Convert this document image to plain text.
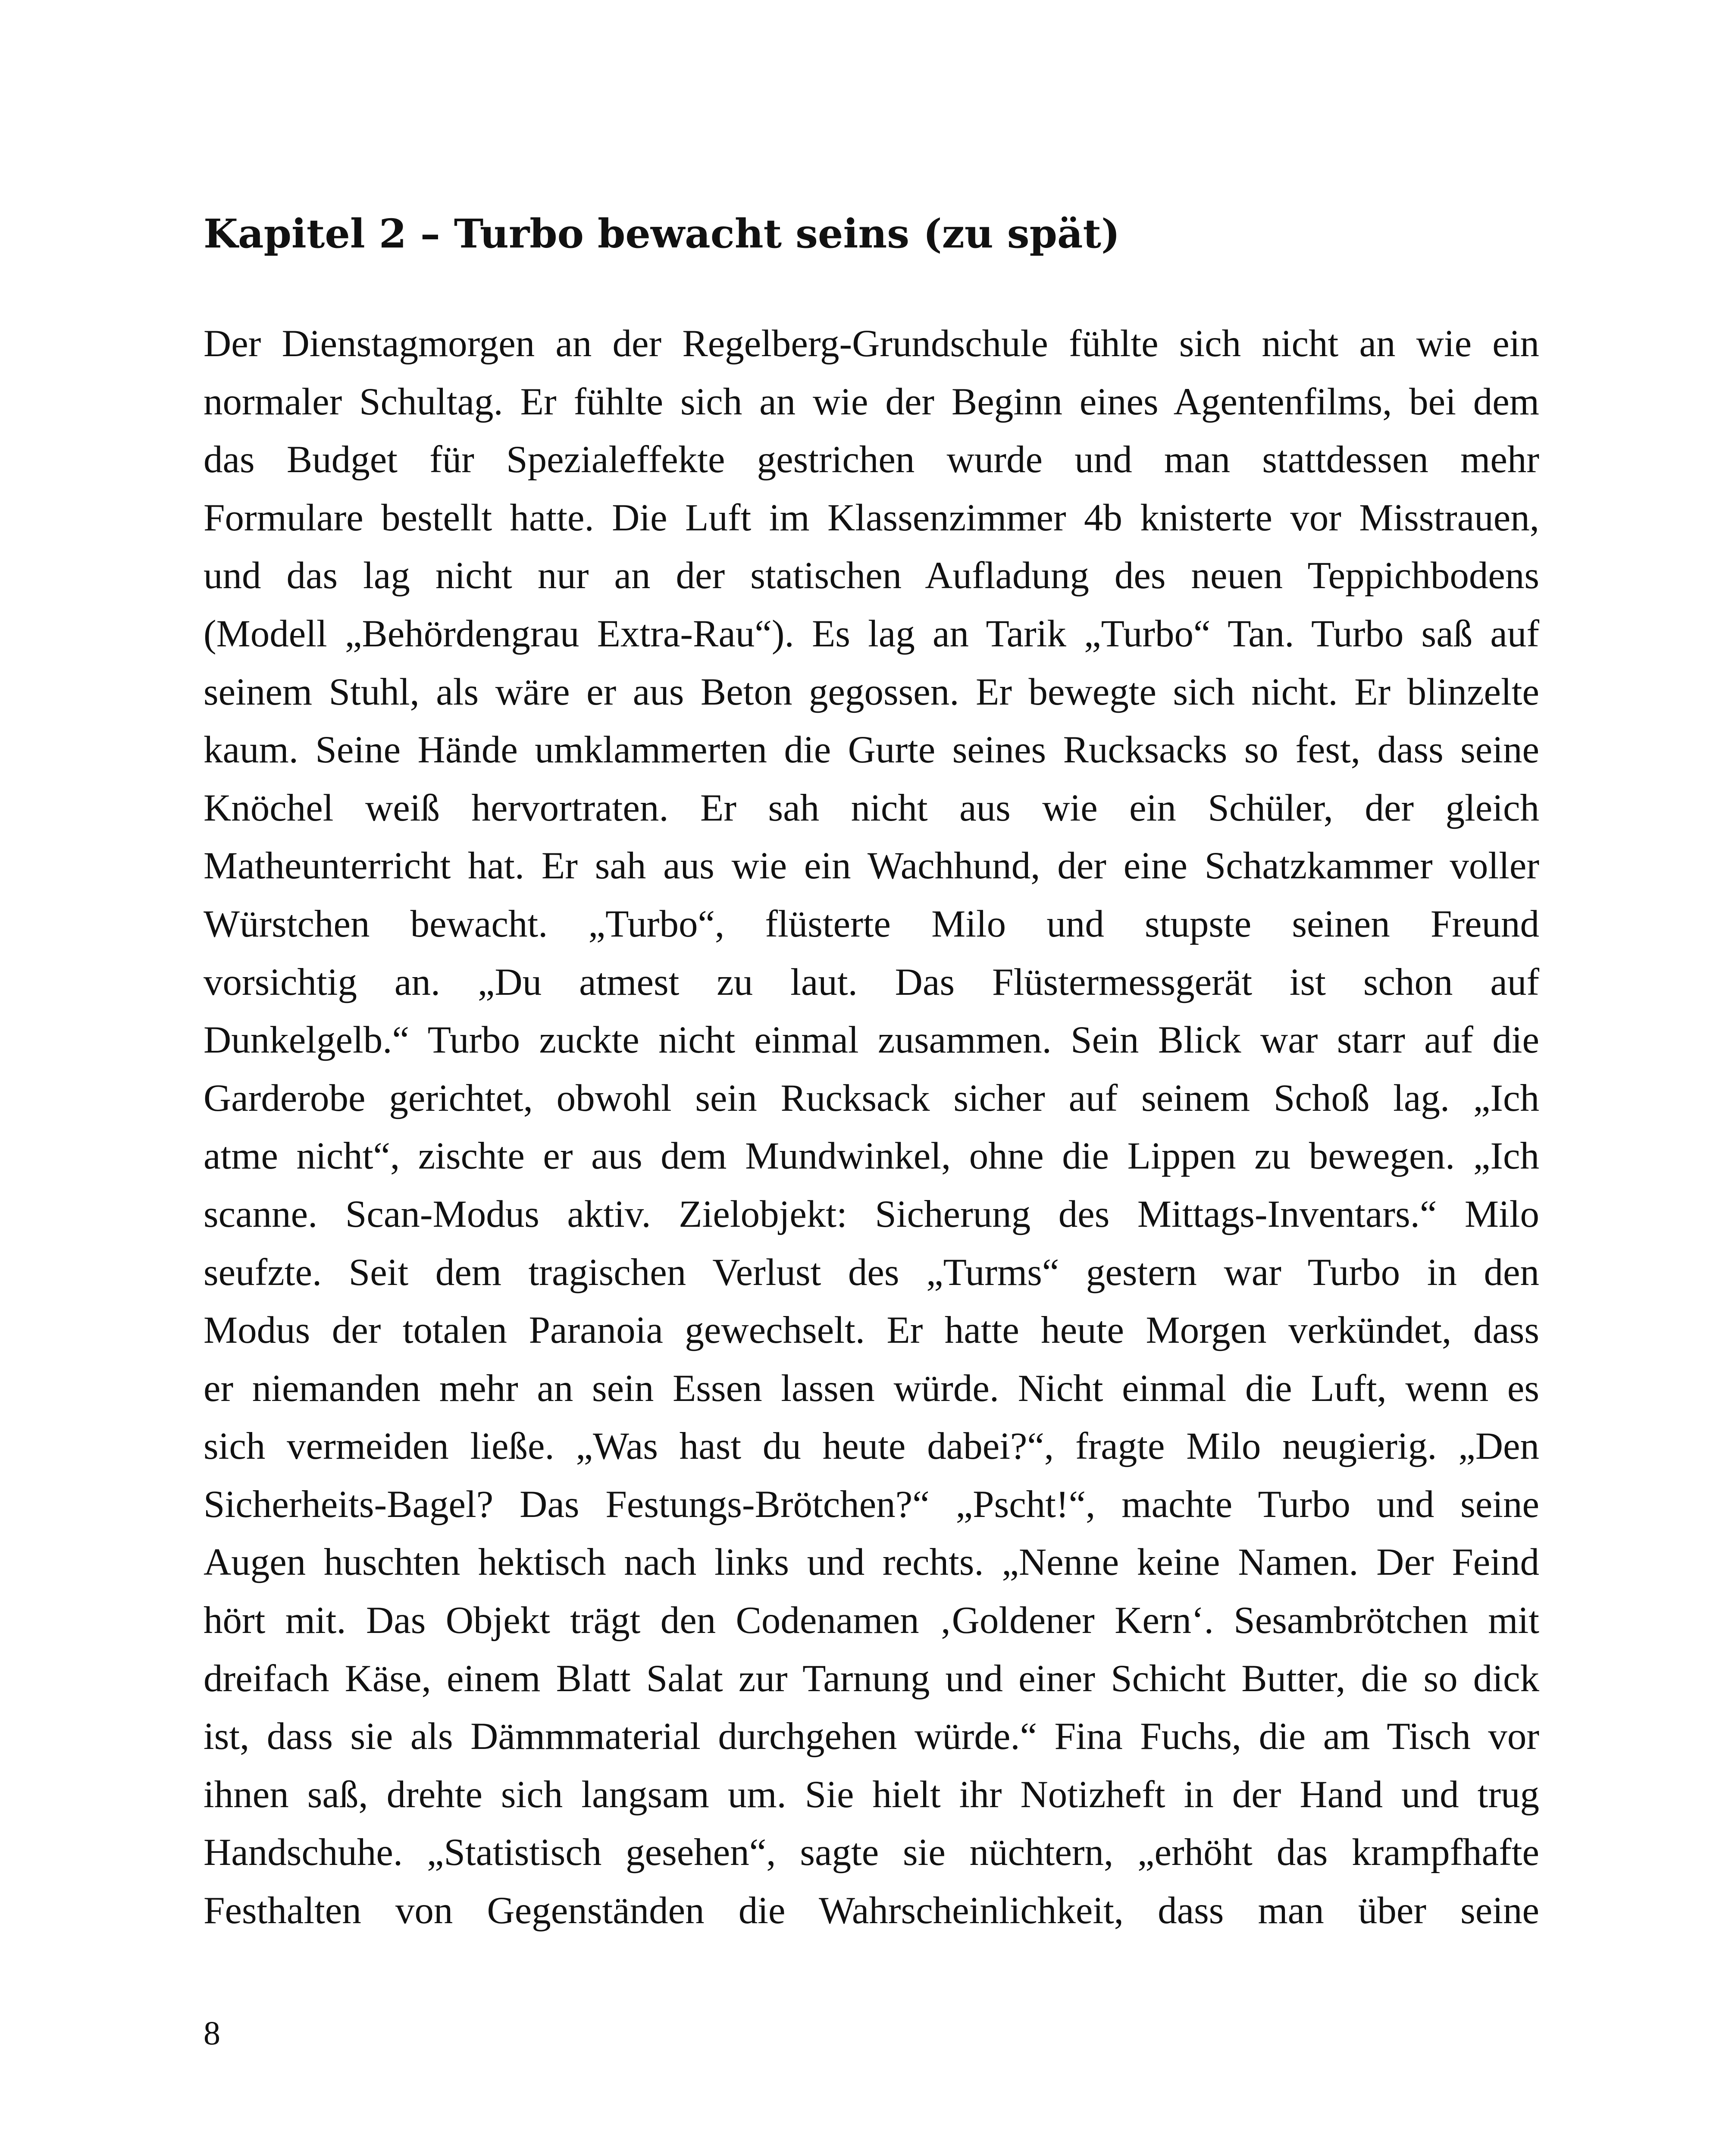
Kapitel 2 – Turbo bewacht seins (zu spät)
Der Dienstagmorgen an der Regelberg-Grundschule fühlte sich nicht an wie ein
normaler Schultag. Er fühlte sich an wie der Beginn eines Agentenfilms, bei dem
das Budget für Spezialeffekte gestrichen wurde und man stattdessen mehr
Formulare bestellt hatte. Die Luft im Klassenzimmer 4b knisterte vor Misstrauen,
und das lag nicht nur an der statischen Aufladung des neuen Teppichbodens
(Modell „Behördengrau Extra-Rau“). Es lag an Tarik „Turbo“ Tan. Turbo saß auf
seinem Stuhl, als wäre er aus Beton gegossen. Er bewegte sich nicht. Er blinzelte
kaum. Seine Hände umklammerten die Gurte seines Rucksacks so fest, dass seine
Knöchel weiß hervortraten. Er sah nicht aus wie ein Schüler, der gleich
Matheunterricht hat. Er sah aus wie ein Wachhund, der eine Schatzkammer voller
Würstchen bewacht. „Turbo“, flüsterte Milo und stupste seinen Freund
vorsichtig an. „Du atmest zu laut. Das Flüstermessgerät ist schon auf
Dunkelgelb.“ Turbo zuckte nicht einmal zusammen. Sein Blick war starr auf die
Garderobe gerichtet, obwohl sein Rucksack sicher auf seinem Schoß lag. „Ich
atme nicht“, zischte er aus dem Mundwinkel, ohne die Lippen zu bewegen. „Ich
scanne. Scan-Modus aktiv. Zielobjekt: Sicherung des Mittags-Inventars.“ Milo
seufzte. Seit dem tragischen Verlust des „Turms“ gestern war Turbo in den
Modus der totalen Paranoia gewechselt. Er hatte heute Morgen verkündet, dass
er niemanden mehr an sein Essen lassen würde. Nicht einmal die Luft, wenn es
sich vermeiden ließe. „Was hast du heute dabei?“, fragte Milo neugierig. „Den
Sicherheits-Bagel? Das Festungs-Brötchen?“ „Pscht!“, machte Turbo und seine
Augen huschten hektisch nach links und rechts. „Nenne keine Namen. Der Feind
hört mit. Das Objekt trägt den Codenamen ‚Goldener Kern‘. Sesambrötchen mit
dreifach Käse, einem Blatt Salat zur Tarnung und einer Schicht Butter, die so dick
ist, dass sie als Dämmmaterial durchgehen würde.“ Fina Fuchs, die am Tisch vor
ihnen saß, drehte sich langsam um. Sie hielt ihr Notizheft in der Hand und trug
Handschuhe. „Statistisch gesehen“, sagte sie nüchtern, „erhöht das krampfhafte
Festhalten von Gegenständen die Wahrscheinlichkeit, dass man über seine
8
